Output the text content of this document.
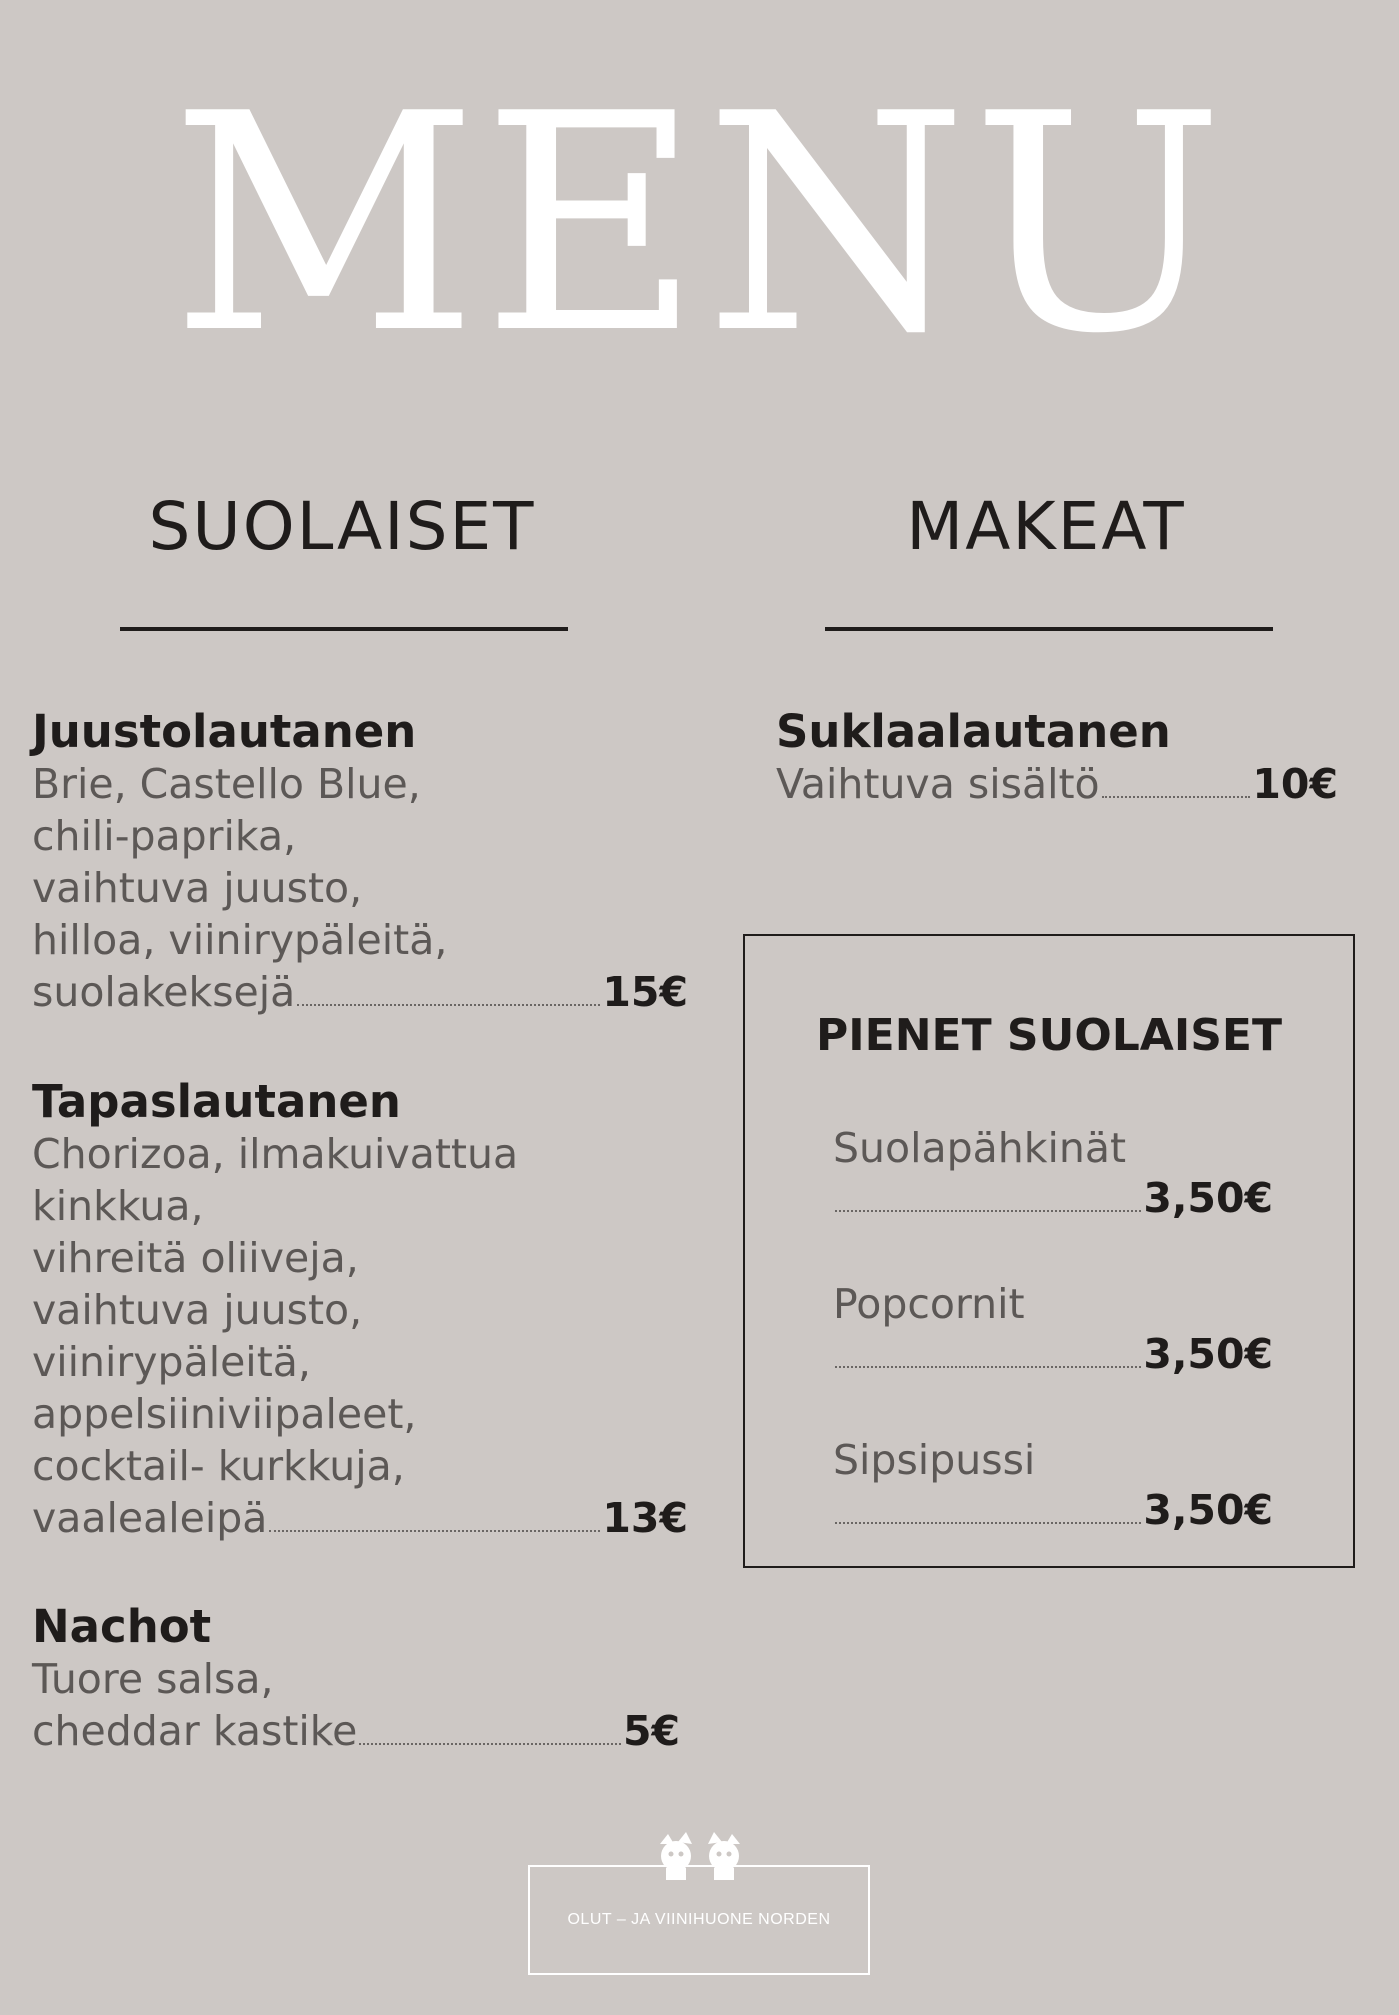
MENU
SUOLAISET	MAKEAT
Juustolautanen
Brie, Castello Blue,
chili-paprika,
vaihtuva juusto,
hilloa, viinirypäleitä,
suolakeksejä	15€
Tapaslautanen
Chorizoa, ilmakuivattua
kinkkua,
vihreitä oliiveja,
vaihtuva juusto,
viinirypäleitä,
appelsiiniviipaleet,
cocktail- kurkkuja,
vaalealeipä	13€
Nachot
Tuore salsa,
cheddar kastike	5€
Suklaalautanen
Vaihtuva sisältö	10€
PIENET SUOLAISET
Suolapähkinät
3,50€
Popcornit
3,50€
Sipsipussi
3,50€
OLUT – JA VIINIHUONE NORDEN
